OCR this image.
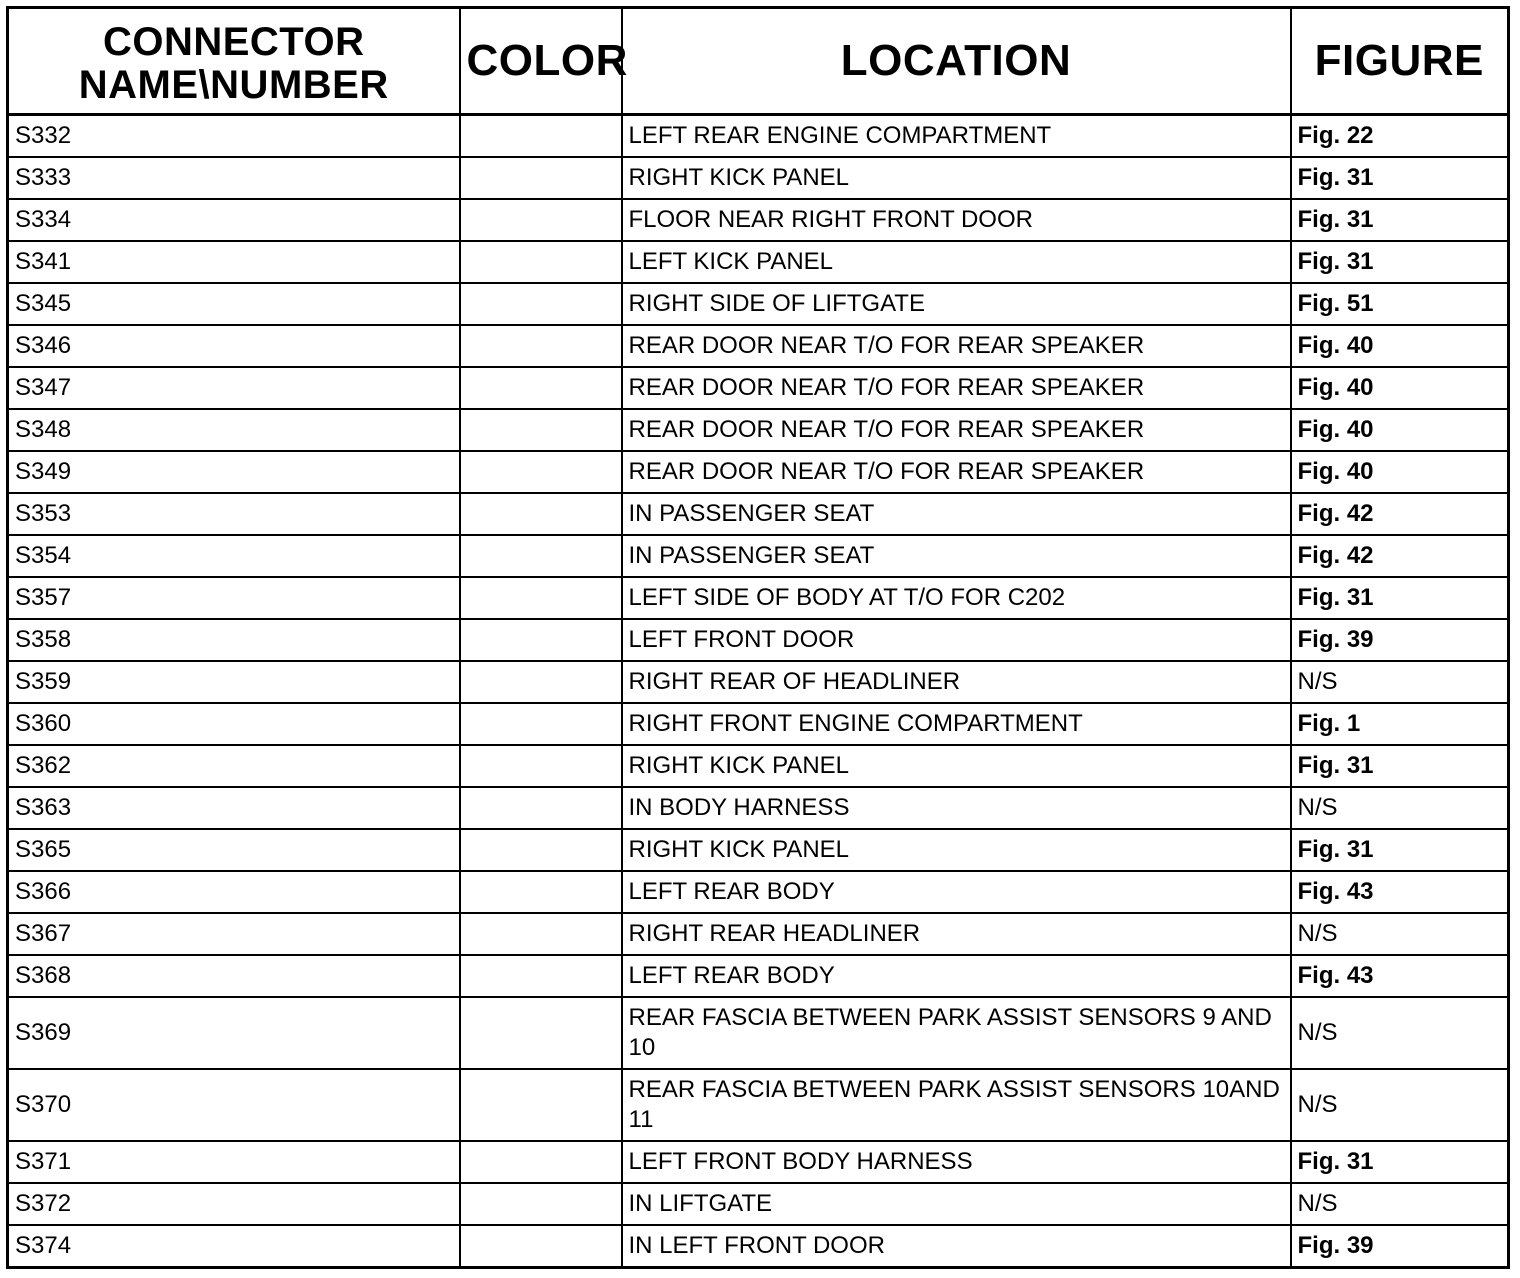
CONNECTOR
NAME\NUMBER	COLOR	LOCATION	FIGURE
S332		LEFT REAR ENGINE COMPARTMENT	Fig. 22
S333		RIGHT KICK PANEL	Fig. 31
S334		FLOOR NEAR RIGHT FRONT DOOR	Fig. 31
S341		LEFT KICK PANEL	Fig. 31
S345		RIGHT SIDE OF LIFTGATE	Fig. 51
S346		REAR DOOR NEAR T/O FOR REAR SPEAKER	Fig. 40
S347		REAR DOOR NEAR T/O FOR REAR SPEAKER	Fig. 40
S348		REAR DOOR NEAR T/O FOR REAR SPEAKER	Fig. 40
S349		REAR DOOR NEAR T/O FOR REAR SPEAKER	Fig. 40
S353		IN PASSENGER SEAT	Fig. 42
S354		IN PASSENGER SEAT	Fig. 42
S357		LEFT SIDE OF BODY AT T/O FOR C202	Fig. 31
S358		LEFT FRONT DOOR	Fig. 39
S359		RIGHT REAR OF HEADLINER	N/S
S360		RIGHT FRONT ENGINE COMPARTMENT	Fig. 1
S362		RIGHT KICK PANEL	Fig. 31
S363		IN BODY HARNESS	N/S
S365		RIGHT KICK PANEL	Fig. 31
S366		LEFT REAR BODY	Fig. 43
S367		RIGHT REAR HEADLINER	N/S
S368		LEFT REAR BODY	Fig. 43
S369		REAR FASCIA BETWEEN PARK ASSIST SENSORS 9 AND 10	N/S
S370		REAR FASCIA BETWEEN PARK ASSIST SENSORS 10AND 11	N/S
S371		LEFT FRONT BODY HARNESS	Fig. 31
S372		IN LIFTGATE	N/S
S374		IN LEFT FRONT DOOR	Fig. 39
